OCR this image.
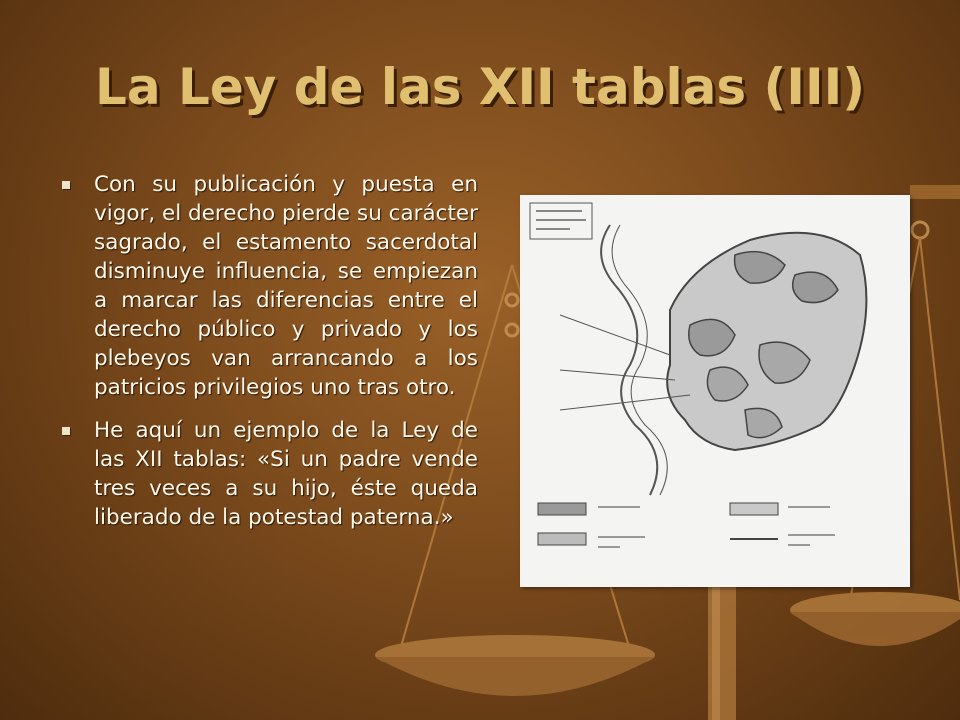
La Ley de las XII tablas (III)
Con su publicación y puesta en vigor, el derecho pierde su carácter sagrado, el estamento sacerdotal disminuye influencia, se empiezan a marcar las diferencias entre el derecho público y privado y los plebeyos van arrancando a los patricios privilegios uno tras otro.
He aquí un ejemplo de la Ley de las XII tablas: «Si un padre vende tres veces a su hijo, éste queda liberado de la potestad paterna.»
